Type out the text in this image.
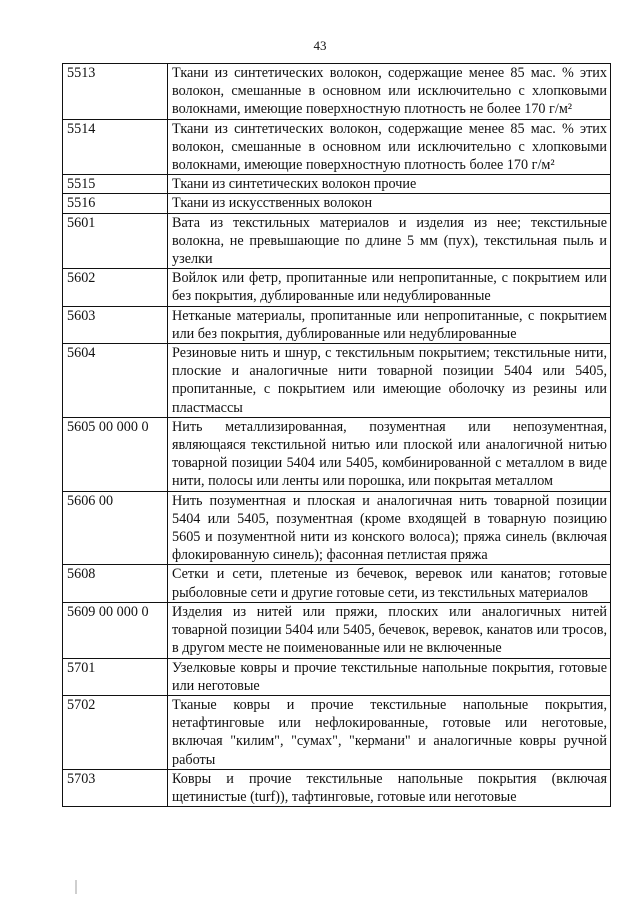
43
5513	Ткани из синтетических волокон, содержащие менее 85 мас. % этих волокон, смешанные в основном или исключительно с хлопковыми волокнами, имеющие поверхностную плотность не более 170 г/м²
5514	Ткани из синтетических волокон, содержащие менее 85 мас. % этих волокон, смешанные в основном или исключительно с хлопковыми волокнами, имеющие поверхностную плотность более 170 г/м²
5515	Ткани из синтетических волокон прочие
5516	Ткани из искусственных волокон
5601	Вата из текстильных материалов и изделия из нее; текстильные волокна, не превышающие по длине 5 мм (пух), текстильная пыль и узелки
5602	Войлок или фетр, пропитанные или непропитанные, с покрытием или без покрытия, дублированные или недублированные
5603	Нетканые материалы, пропитанные или непропитанные, с покрытием или без покрытия, дублированные или недублированные
5604	Резиновые нить и шнур, с текстильным покрытием; текстильные нити, плоские и аналогичные нити товарной позиции 5404 или 5405, пропитанные, с покрытием или имеющие оболочку из резины или пластмассы
5605 00 000 0	Нить металлизированная, позументная или непозументная, являющаяся текстильной нитью или плоской или аналогичной нитью товарной позиции 5404 или 5405, комбинированной с металлом в виде нити, полосы или ленты или порошка, или покрытая металлом
5606 00	Нить позументная и плоская и аналогичная нить товарной позиции 5404 или 5405, позументная (кроме входящей в товарную позицию 5605 и позументной нити из конского волоса); пряжа синель (включая флокированную синель); фасонная петлистая пряжа
5608	Сетки и сети, плетеные из бечевок, веревок или канатов; готовые рыболовные сети и другие готовые сети, из текстильных материалов
5609 00 000 0	Изделия из нитей или пряжи, плоских или аналогичных нитей товарной позиции 5404 или 5405, бечевок, веревок, канатов или тросов, в другом месте не поименованные или не включенные
5701	Узелковые ковры и прочие текстильные напольные покрытия, готовые или неготовые
5702	Тканые ковры и прочие текстильные напольные покрытия, нетафтинговые или нефлокированные, готовые или неготовые, включая "килим", "сумах", "кермани" и аналогичные ковры ручной работы
5703	Ковры и прочие текстильные напольные покрытия (включая щетинистые (turf)), тафтинговые, готовые или неготовые
